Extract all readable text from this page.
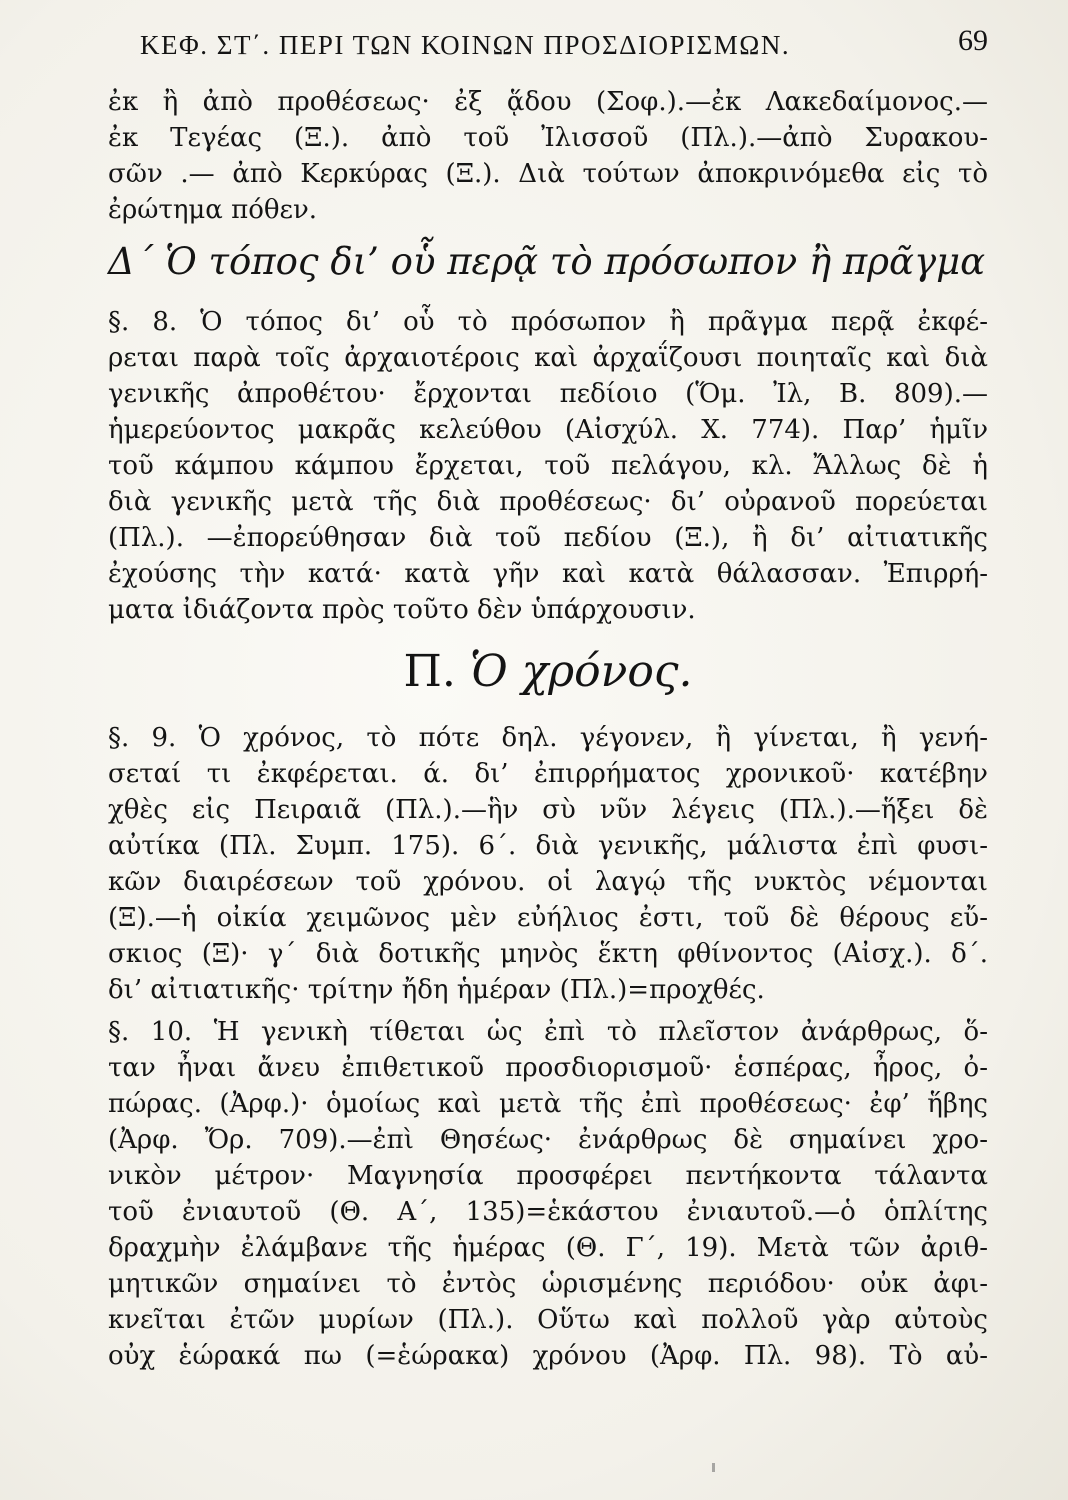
ΚΕΦ. ΣΤ΄. ΠΕΡΙ ΤΩΝ ΚΟΙΝΩΝ ΠΡΟΣΔΙΟΡΙΣΜΩΝ.	69
ἐκ ἢ ἀπὸ προθέσεως· ἐξ ᾅδου (Σοφ.).—ἐκ Λακεδαίμονος.—
ἐκ Τεγέας (Ξ.). ἀπὸ τοῦ Ἰλισσοῦ (Πλ.).—ἀπὸ Συρακου-
σῶν .— ἀπὸ Κερκύρας (Ξ.). Διὰ τούτων ἀποκρινόμεθα εἰς τὸ
ἐρώτημα πόθεν.
Δ΄ Ὁ τόπος δι’ οὗ περᾷ τὸ πρόσωπον ἢ πρᾶγμα
§. 8. Ὁ τόπος δι’ οὗ τὸ πρόσωπον ἢ πρᾶγμα περᾷ ἐκφέ-
ρεται παρὰ τοῖς ἀρχαιοτέροις καὶ ἀρχαΐζουσι ποιηταῖς καὶ διὰ
γενικῆς ἀπροθέτου· ἔρχονται πεδίοιο (Ὅμ. Ἰλ, Β. 809).—
ἡμερεύοντος μακρᾶς κελεύθου (Αἰσχύλ. Χ. 774). Παρ’ ἡμῖν
τοῦ κάμπου κάμπου ἔρχεται, τοῦ πελάγου, κλ. Ἄλλως δὲ ἡ
διὰ γενικῆς μετὰ τῆς διὰ προθέσεως· δι’ οὐρανοῦ πορεύεται
(Πλ.). —ἐπορεύθησαν διὰ τοῦ πεδίου (Ξ.), ἢ δι’ αἰτιατικῆς
ἐχούσης τὴν κατά· κατὰ γῆν καὶ κατὰ θάλασσαν. Ἐπιρρή-
ματα ἰδιάζοντα πρὸς τοῦτο δὲν ὑπάρχουσιν.
Π. Ὁ χρόνος.
§. 9. Ὁ χρόνος, τὸ πότε δηλ. γέγονεν, ἢ γίνεται, ἢ γενή-
σεταί τι ἐκφέρεται. ά. δι’ ἐπιρρήματος χρονικοῦ· κατέβην
χθὲς εἰς Πειραιᾶ (Πλ.).—ἣν σὺ νῦν λέγεις (Πλ.).—ἥξει δὲ
αὐτίκα (Πλ. Συμπ. 175). 6΄. διὰ γενικῆς, μάλιστα ἐπὶ φυσι-
κῶν διαιρέσεων τοῦ χρόνου. οἱ λαγῴ τῆς νυκτὸς νέμονται
(Ξ).—ἡ οἰκία χειμῶνος μὲν εὐήλιος ἐστι, τοῦ δὲ θέρους εὔ-
σκιος (Ξ)· γ΄ διὰ δοτικῆς μηνὸς ἕκτη φθίνοντος (Αἰσχ.). δ΄.
δι’ αἰτιατικῆς· τρίτην ἤδη ἡμέραν (Πλ.)=προχθές.
§. 10. Ἡ γενικὴ τίθεται ὡς ἐπὶ τὸ πλεῖστον ἀνάρθρως, ὅ-
ταν ἦναι ἄνευ ἐπιθετικοῦ προσδιορισμοῦ· ἑσπέρας, ἦρος, ὀ-
πώρας. (Ἀρφ.)· ὁμοίως καὶ μετὰ τῆς ἐπὶ προθέσεως· ἐφ’ ἥβης
(Ἀρφ. Ὄρ. 709).—ἐπὶ Θησέως· ἐνάρθρως δὲ σημαίνει χρο-
νικὸν μέτρον· Μαγνησία προσφέρει πεντήκοντα τάλαντα
τοῦ ἐνιαυτοῦ (Θ. Α΄, 135)=ἑκάστου ἐνιαυτοῦ.—ὁ ὁπλίτης
δραχμὴν ἐλάμβανε τῆς ἡμέρας (Θ. Γ΄, 19). Μετὰ τῶν ἀριθ-
μητικῶν σημαίνει τὸ ἐντὸς ὡρισμένης περιόδου· οὐκ ἀφι-
κνεῖται ἐτῶν μυρίων (Πλ.). Οὕτω καὶ πολλοῦ γὰρ αὐτοὺς
οὐχ ἑώρακά πω (=ἑώρακα) χρόνου (Ἀρφ. Πλ. 98). Τὸ αὐ-
